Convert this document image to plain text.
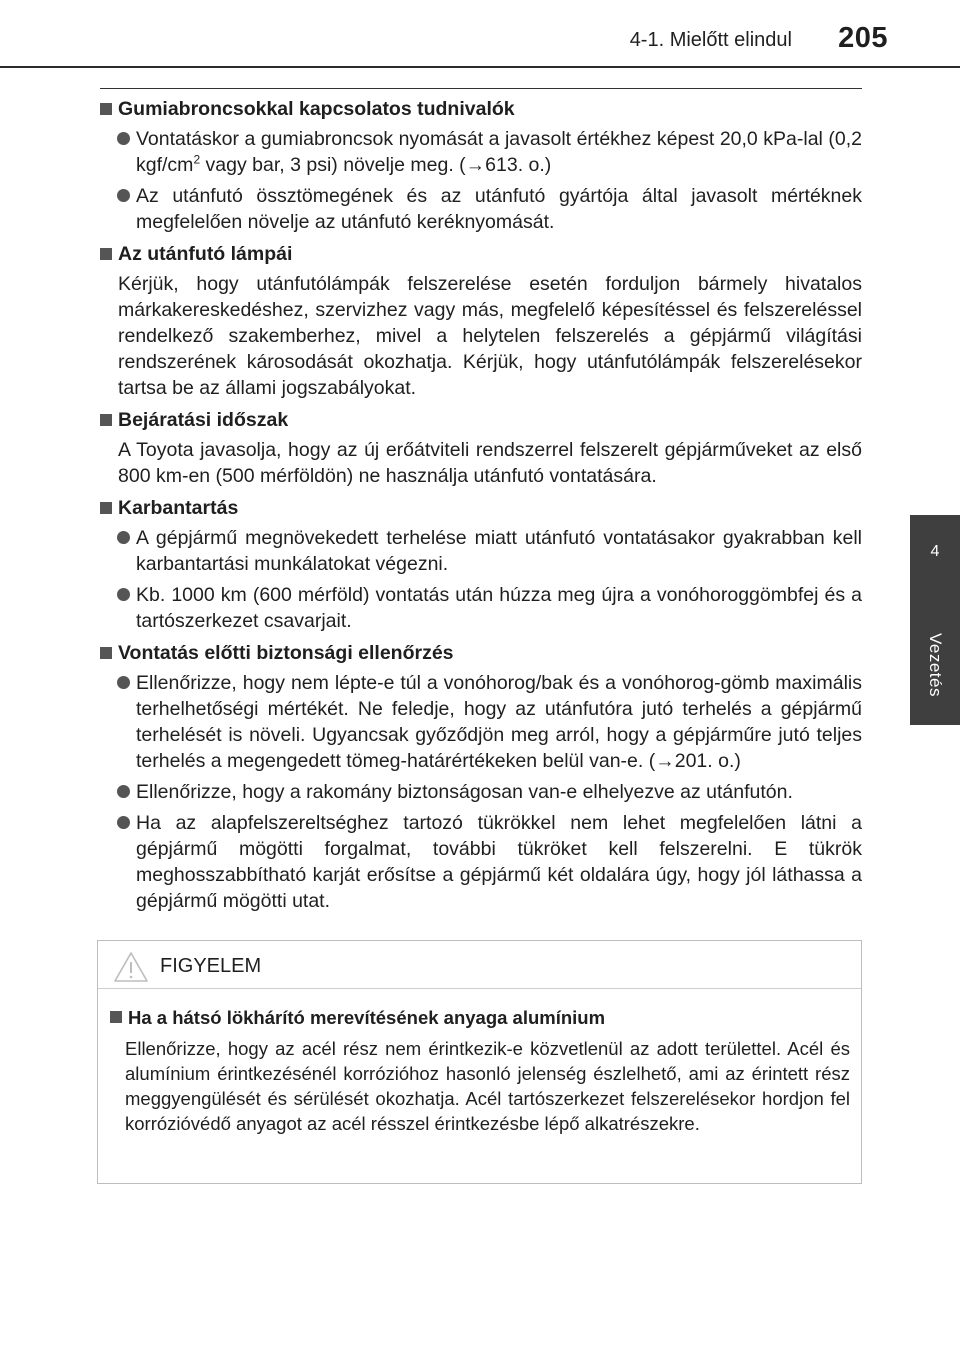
4-1. Mielőtt elindul 205
4
Vezetés
Gumiabroncsokkal kapcsolatos tudnivalók
Vontatáskor a gumiabroncsok nyomását a javasolt értékhez képest 20,0 kPa-lal (0,2 kgf/$cm^2$ vagy bar, 3 psi) növelje meg. (→613. o.)
Az utánfutó össztömegének és az utánfutó gyártója által javasolt mértéknek megfelelően növelje az utánfutó keréknyomását.
Az utánfutó lámpái
Kérjük, hogy utánfutólámpák felszerelése esetén forduljon bármely hivatalos márkakereskedéshez, szervizhez vagy más, megfelelő képesítéssel és felszereléssel rendelkező szakemberhez, mivel a helytelen felszerelés a gépjármű világítási rendszerének károsodását okozhatja. Kérjük, hogy utánfutólámpák felszerelésekor tartsa be az állami jogszabályokat.
Bejáratási időszak
A Toyota javasolja, hogy az új erőátviteli rendszerrel felszerelt gépjárműveket az első 800 km-en (500 mérföldön) ne használja utánfutó vontatására.
Karbantartás
A gépjármű megnövekedett terhelése miatt utánfutó vontatásakor gyakrabban kell karbantartási munkálatokat végezni.
Kb. 1000 km (600 mérföld) vontatás után húzza meg újra a vonóhoroggömbfej és a tartószerkezet csavarjait.
Vontatás előtti biztonsági ellenőrzés
Ellenőrizze, hogy nem lépte-e túl a vonóhorog/bak és a vonóhorog-gömb maximális terhelhetőségi mértékét. Ne feledje, hogy az utánfutóra jutó terhelés a gépjármű terhelését is növeli. Ugyancsak győződjön meg arról, hogy a gépjárműre jutó teljes terhelés a megengedett tömeg-határértékeken belül van-e. (→201. o.)
Ellenőrizze, hogy a rakomány biztonságosan van-e elhelyezve az utánfutón.
Ha az alapfelszereltséghez tartozó tükrökkel nem lehet megfelelően látni a gépjármű mögötti forgalmat, további tükröket kell felszerelni. E tükrök meghosszabbítható karját erősítse a gépjármű két oldalára úgy, hogy jól láthassa a gépjármű mögötti utat.
FIGYELEM
Ha a hátsó lökhárító merevítésének anyaga alumínium
Ellenőrizze, hogy az acél rész nem érintkezik-e közvetlenül az adott területtel. Acél és alumínium érintkezésénél korrózióhoz hasonló jelenség észlelhető, ami az érintett rész meggyengülését és sérülését okozhatja. Acél tartószerkezet felszerelésekor hordjon fel korrózióvédő anyagot az acél résszel érintkezésbe lépő alkatrészekre.
